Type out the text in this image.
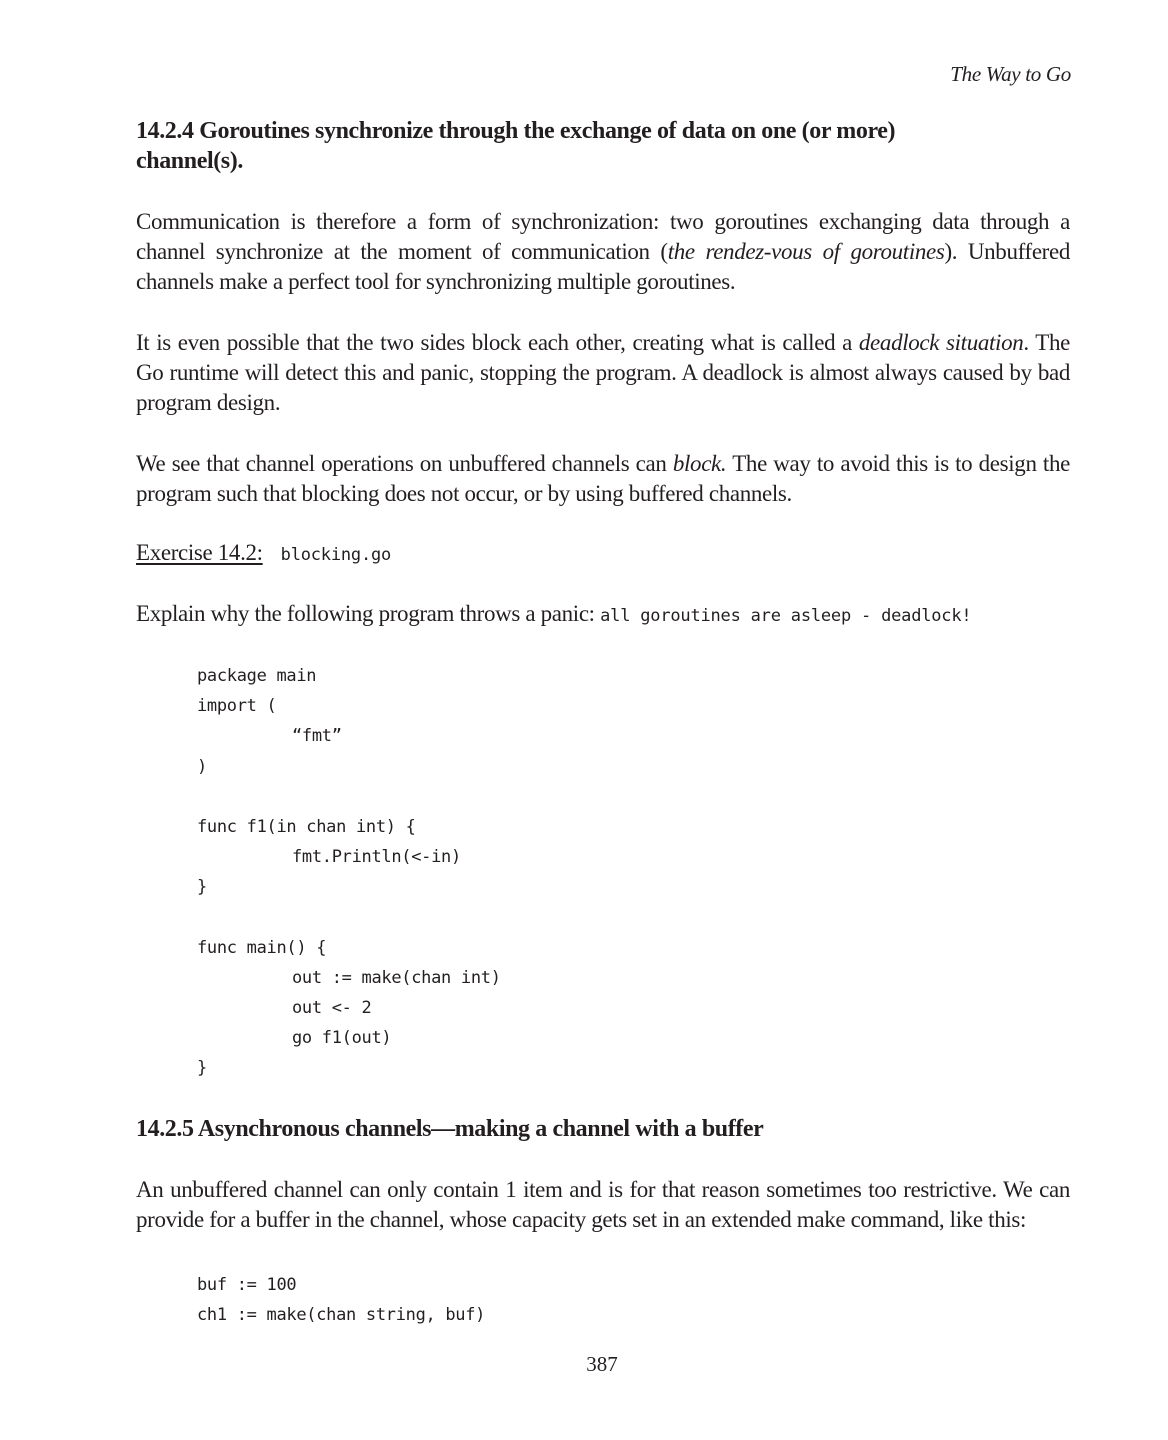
The Way to Go
14.2.4 Goroutines synchronize through the exchange of data on one (or more)
channel(s).

Communication is therefore a form of synchronization: two goroutines exchanging data through a channel synchronize at the moment of communication (the rendez-vous of goroutines). Unbuffered channels make a perfect tool for synchronizing multiple goroutines.

It is even possible that the two sides block each other, creating what is called a deadlock situation. The Go runtime will detect this and panic, stopping the program. A deadlock is almost always caused by bad program design.

We see that channel operations on unbuffered channels can block. The way to avoid this is to design the program such that blocking does not occur, or by using buffered channels.

Exercise 14.2: blocking.go

Explain why the following program throws a panic: all goroutines are asleep - deadlock!

package main
import (
“fmt”
)
func f1(in chan int) {
fmt.Println(<-in)
}
func main() {
out := make(chan int)
out <- 2
go f1(out)
}
14.2.5 Asynchronous channels—making a channel with a buffer

An unbuffered channel can only contain 1 item and is for that reason sometimes too restrictive. We can provide for a buffer in the channel, whose capacity gets set in an extended make command, like this:

buf := 100
ch1 := make(chan string, buf)
387
